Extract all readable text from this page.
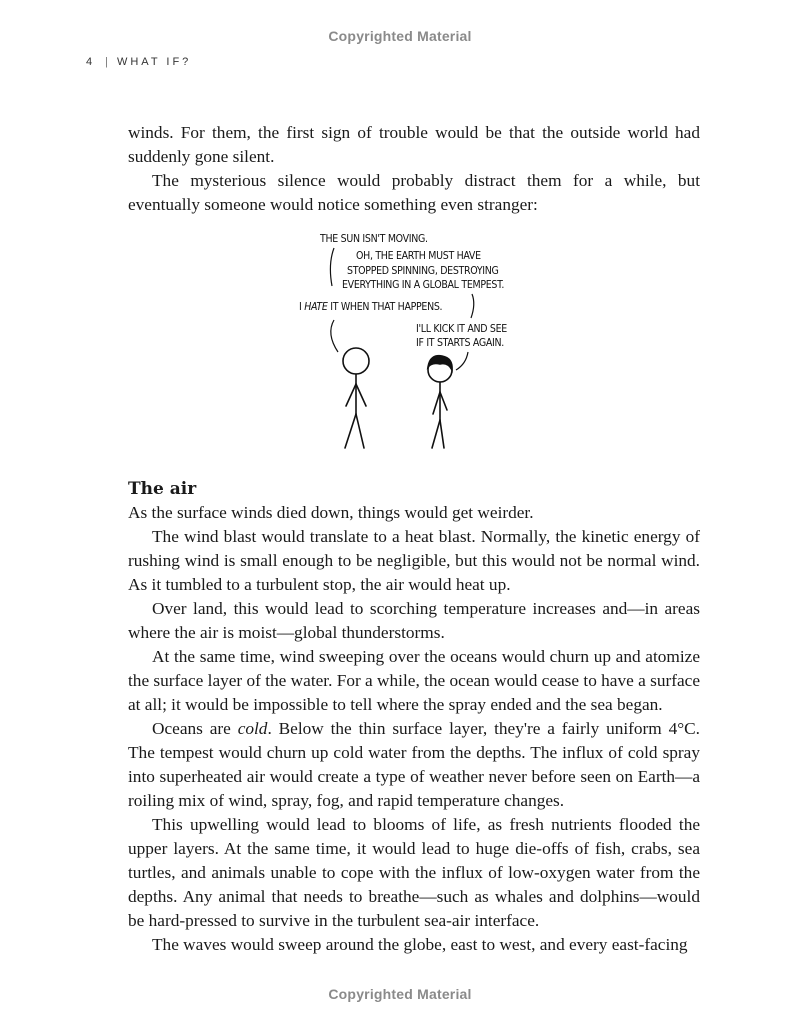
Copyrighted Material
4 | WHAT IF?

winds. For them, the first sign of trouble would be that the outside world had suddenly gone silent.

The mysterious silence would probably distract them for a while, but eventually someone would notice something even stranger:

THE SUN ISN'T MOVING.
OH, THE EARTH MUST HAVE
STOPPED SPINNING, DESTROYING
EVERYTHING IN A GLOBAL TEMPEST.
I HATE IT WHEN THAT HAPPENS.
I'LL KICK IT AND SEE
IF IT STARTS AGAIN.
The air

As the surface winds died down, things would get weirder.

The wind blast would translate to a heat blast. Normally, the kinetic energy of rushing wind is small enough to be negligible, but this would not be normal wind. As it tumbled to a turbulent stop, the air would heat up.

Over land, this would lead to scorching temperature increases and—in areas where the air is moist—global thunderstorms.

At the same time, wind sweeping over the oceans would churn up and atomize the surface layer of the water. For a while, the ocean would cease to have a surface at all; it would be impossible to tell where the spray ended and the sea began.

Oceans are cold. Below the thin surface layer, they're a fairly uniform 4°C. The tempest would churn up cold water from the depths. The influx of cold spray into superheated air would create a type of weather never before seen on Earth—a roiling mix of wind, spray, fog, and rapid temperature changes.

This upwelling would lead to blooms of life, as fresh nutrients flooded the upper layers. At the same time, it would lead to huge die-offs of fish, crabs, sea turtles, and animals unable to cope with the influx of low-oxygen water from the depths. Any animal that needs to breathe—such as whales and dolphins—would be hard-pressed to survive in the turbulent sea-air interface.

The waves would sweep around the globe, east to west, and every east-facing

Copyrighted Material
